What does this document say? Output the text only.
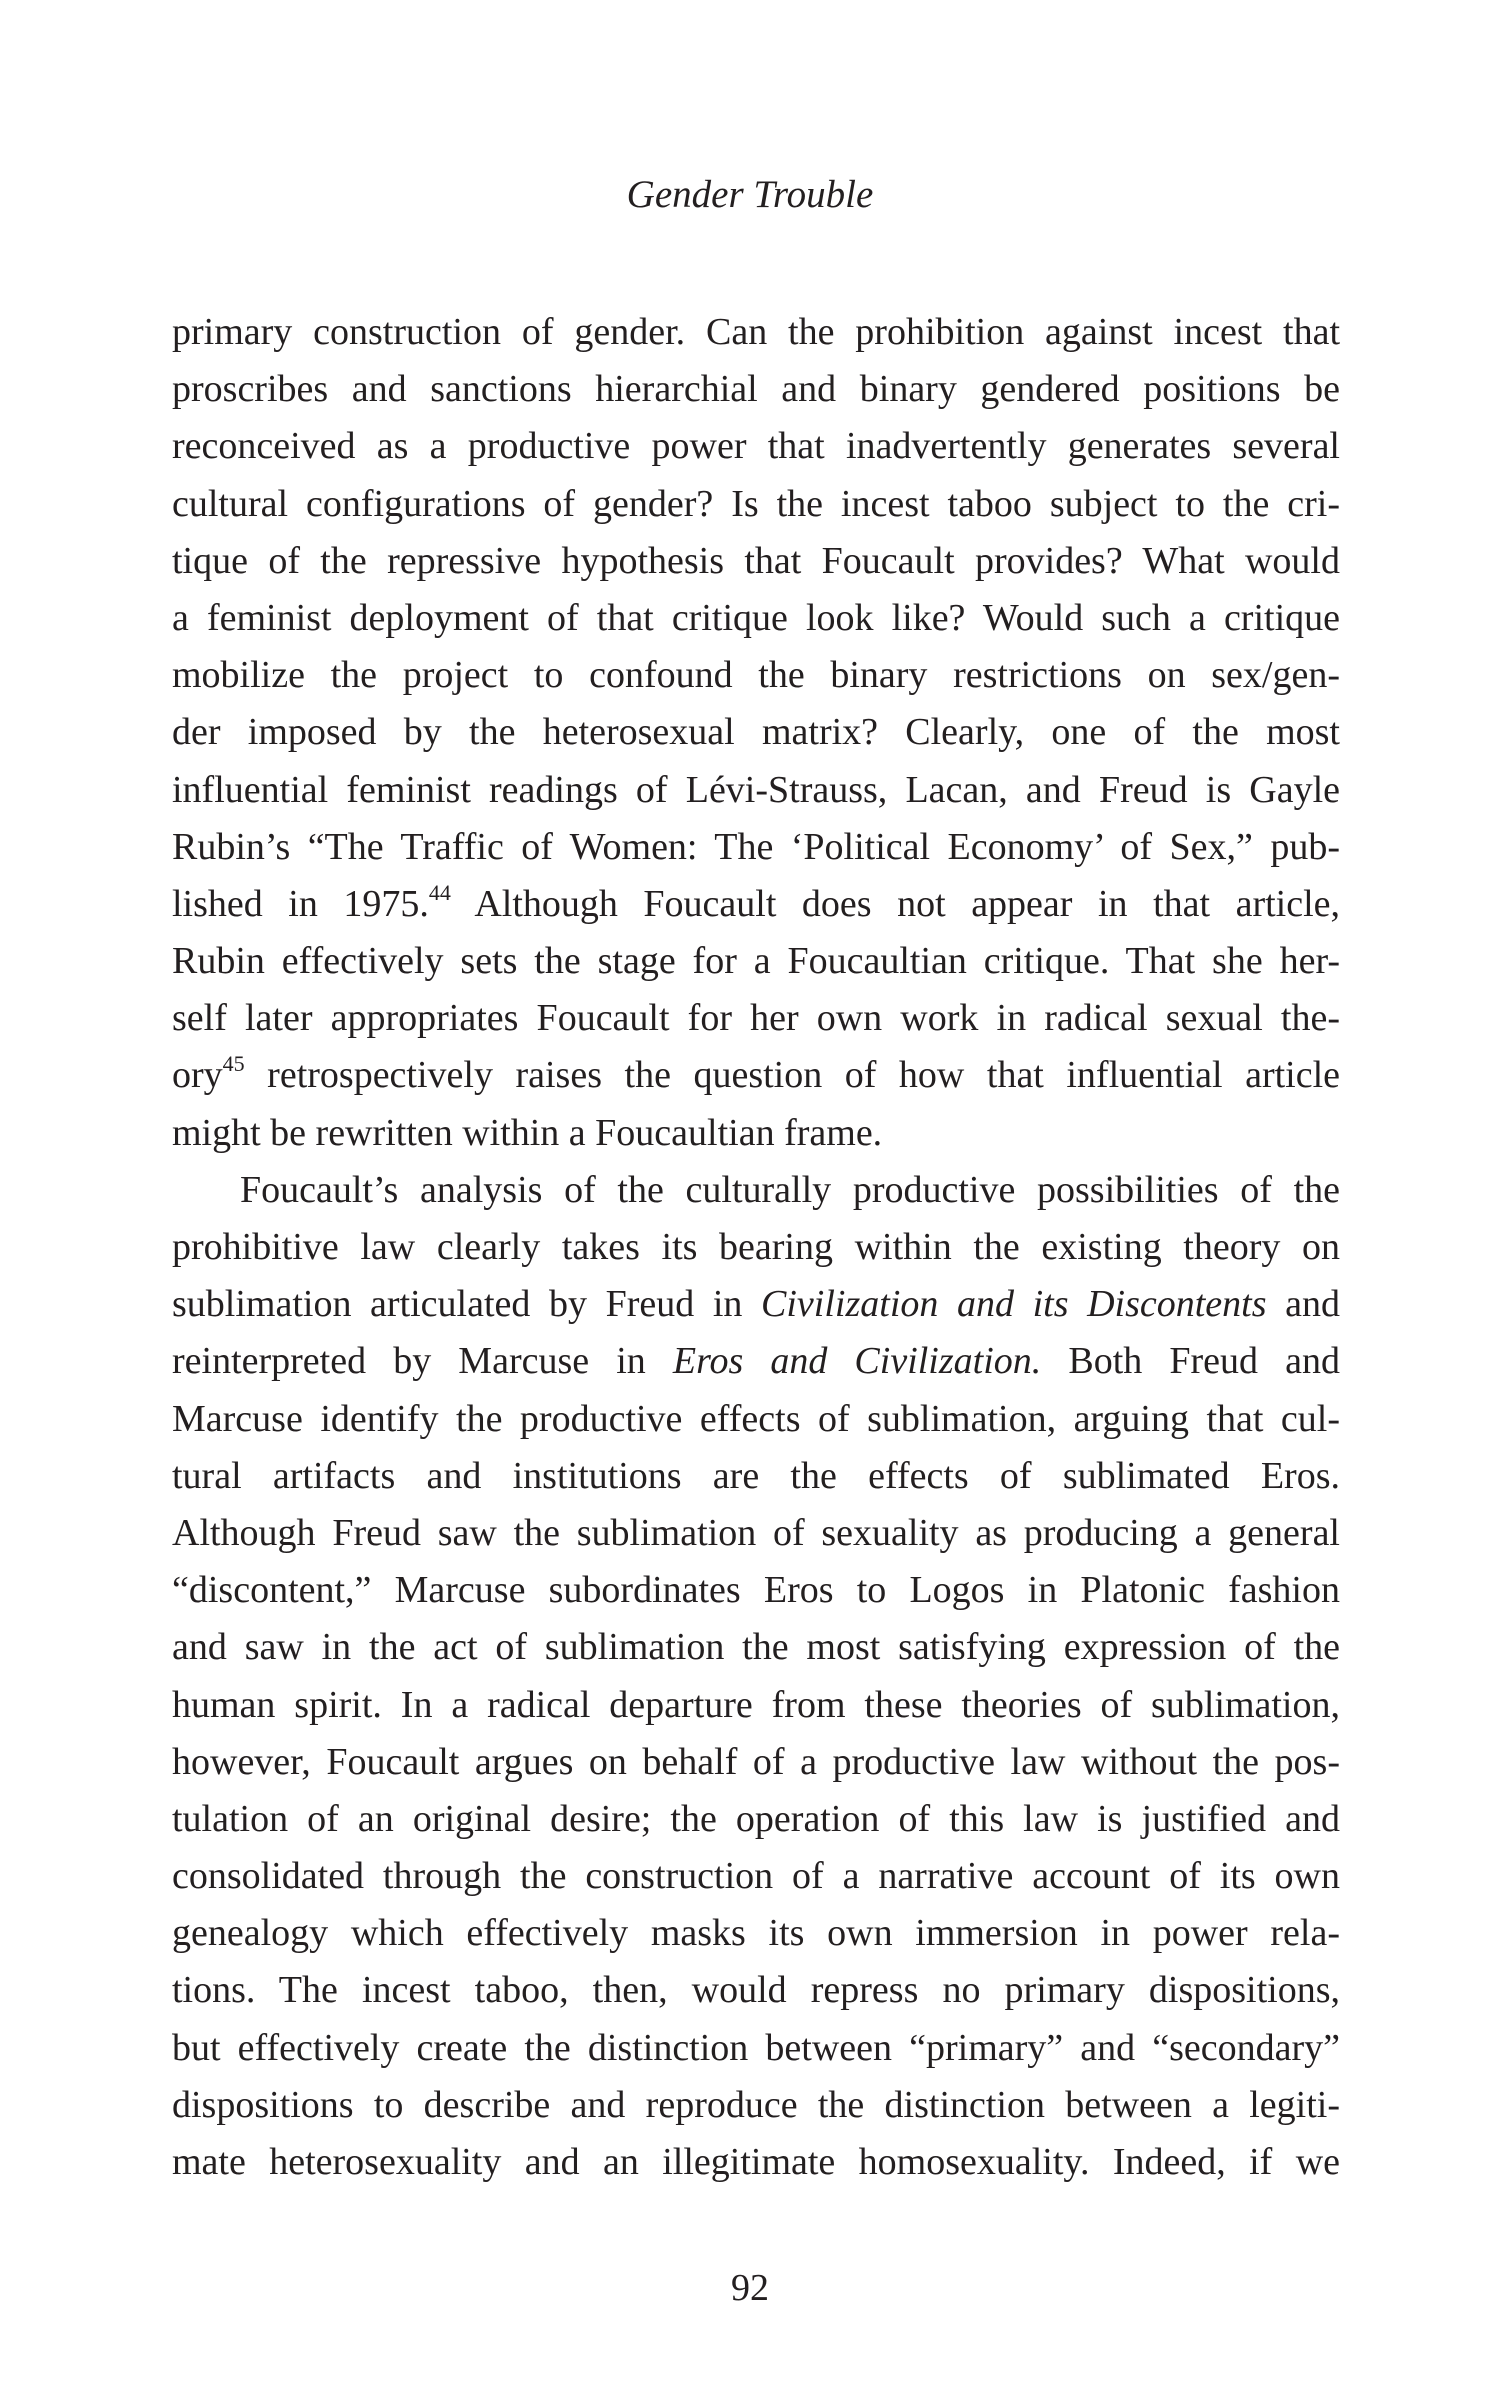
Gender Trouble
primary construction of gender. Can the prohibition against incest that
proscribes and sanctions hierarchial and binary gendered positions be
reconceived as a productive power that inadvertently generates several
cultural configurations of gender? Is the incest taboo subject to the cri-
tique of the repressive hypothesis that Foucault provides? What would
a feminist deployment of that critique look like? Would such a critique
mobilize the project to confound the binary restrictions on sex/gen-
der imposed by the heterosexual matrix? Clearly, one of the most
influential feminist readings of Lévi-Strauss, Lacan, and Freud is Gayle
Rubin’s “The Traffic of Women: The ‘Political Economy’ of Sex,” pub-
lished in 1975.44 Although Foucault does not appear in that article,
Rubin effectively sets the stage for a Foucaultian critique. That she her-
self later appropriates Foucault for her own work in radical sexual the-
ory$^{45}$ retrospectively raises the question of how that influential article
might be rewritten within a Foucaultian frame.
Foucault’s analysis of the culturally productive possibilities of the
prohibitive law clearly takes its bearing within the existing theory on
sublimation articulated by Freud in Civilization and its Discontents and
reinterpreted by Marcuse in Eros and Civilization. Both Freud and
Marcuse identify the productive effects of sublimation, arguing that cul-
tural artifacts and institutions are the effects of sublimated Eros.
Although Freud saw the sublimation of sexuality as producing a general
“discontent,” Marcuse subordinates Eros to Logos in Platonic fashion
and saw in the act of sublimation the most satisfying expression of the
human spirit. In a radical departure from these theories of sublimation,
however, Foucault argues on behalf of a productive law without the pos-
tulation of an original desire; the operation of this law is justified and
consolidated through the construction of a narrative account of its own
genealogy which effectively masks its own immersion in power rela-
tions. The incest taboo, then, would repress no primary dispositions,
but effectively create the distinction between “primary” and “secondary”
dispositions to describe and reproduce the distinction between a legiti-
mate heterosexuality and an illegitimate homosexuality. Indeed, if we
92
